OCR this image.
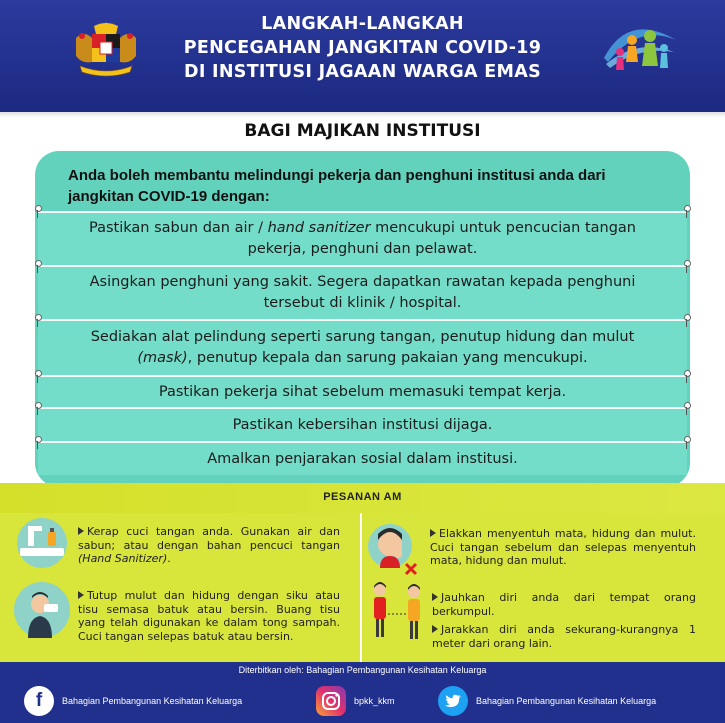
LANGKAH-LANGKAH
PENCEGAHAN JANGKITAN COVID-19
DI INSTITUSI JAGAAN WARGA EMAS
BAGI MAJIKAN INSTITUSI
Anda boleh membantu melindungi pekerja dan penghuni institusi anda dari jangkitan COVID-19 dengan:
Pastikan sabun dan air / hand sanitizer mencukupi untuk pencucian tangan pekerja, penghuni dan pelawat.
Asingkan penghuni yang sakit. Segera dapatkan rawatan kepada penghuni tersebut di klinik / hospital.
Sediakan alat pelindung seperti sarung tangan, penutup hidung dan mulut (mask), penutup kepala dan sarung pakaian yang mencukupi.
Pastikan pekerja sihat sebelum memasuki tempat kerja.
Pastikan kebersihan institusi dijaga.
Amalkan penjarakan sosial dalam institusi.
PESANAN AM
Kerap cuci tangan anda. Gunakan air dan sabun; atau dengan bahan pencuci tangan (Hand Sanitizer).
Tutup mulut dan hidung dengan siku atau tisu semasa batuk atau bersin. Buang tisu yang telah digunakan ke dalam tong sampah. Cuci tangan selepas batuk atau bersin.
Elakkan menyentuh mata, hidung dan mulut. Cuci tangan sebelum dan selepas menyentuh mata, hidung dan mulut.
Jauhkan diri anda dari tempat orang berkumpul.
Jarakkan diri anda sekurang-kurangnya 1 meter dari orang lain.
Diterbitkan oleh: Bahagian Pembangunan Kesihatan Keluarga
f	Bahagian Pembangunan Kesihatan Keluarga	bpkk_kkm	Bahagian Pembangunan Kesihatan Keluarga
